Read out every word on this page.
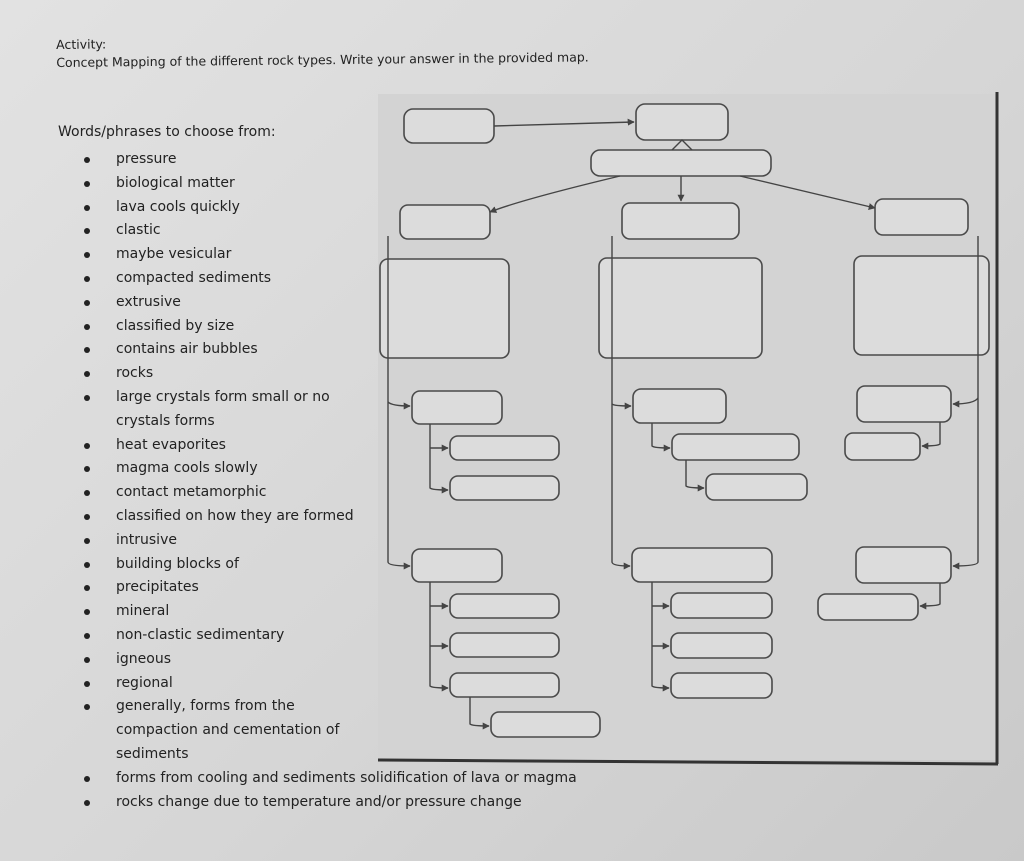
Activity:
Concept Mapping of the different rock types. Write your answer in the provided map.
Words/phrases to choose from:
pressure
biological matter
lava cools quickly
clastic
maybe vesicular
compacted sediments
extrusive
classified by size
contains air bubbles
rocks
large crystals form small or no crystals forms
heat evaporites
magma cools slowly
contact metamorphic
classified on how they are formed
intrusive
building blocks of
precipitates
mineral
non-clastic sedimentary
igneous
regional
generally, forms from the compaction and cementation of sediments
forms from cooling and sediments solidification of lava or magma
rocks change due to temperature and/or pressure change
